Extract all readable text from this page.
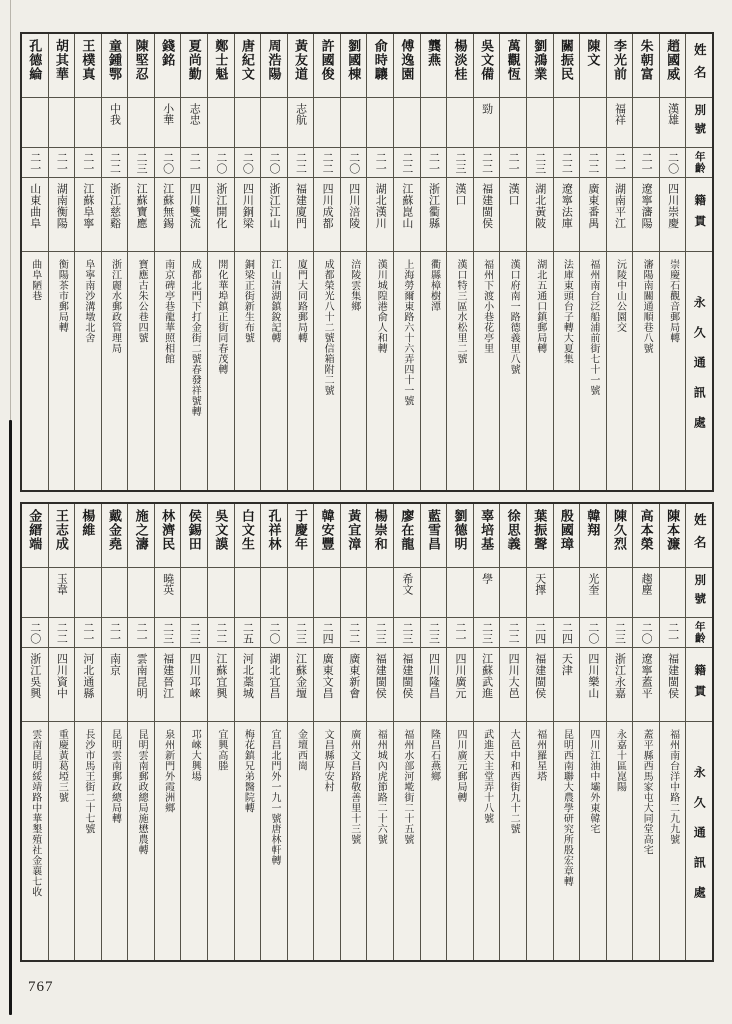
姓名
別號
年齡
籍貫
永久通訊處
趙國威
漢雄
二〇
四川崇慶
崇慶石觀音郵局轉
朱朝富
二一
遼寧瀋陽
瀋陽南關通順巷八號
李光前
福祥
二一
湖南平江
沅陵中山公園交
陳文
二二
廣東番禺
福州南台泛船浦前街七十一號
關振民
二二
遼寧法庫
法庫東頭台子轉大夏集
劉鴻業
二三
湖北黃陂
湖北五通口鎮郵局轉
萬觀恆
二一
漢口
漢口府南一路德義里八號
吳文備
勁
二二
福建閩侯
福州下渡小巷花亭里
楊淡桂
二三
漢口
漢口特三區水松里二號
龔燕
二一
浙江衢縣
衢縣樟樹潭
傅逸園
二二
江蘇崑山
上海勞爾東路六十六弄四十一號
俞時驤
二一
湖北漢川
漢川城隍港俞人和轉
劉國棟
二〇
四川涪陵
涪陵雲集鄉
許國俊
二二
四川成都
成都榮光八十二號信箱附二號
黃友道
志航
二二
福建廈門
廈門大同路郵局轉
周浩陽
二〇
浙江江山
江山清湖鎮銳記轉
唐紀文
二〇
四川銅梁
銅梁正街新生布號
鄭士魁
二〇
浙江開化
開化華埠鎮正街同春茂轉
夏尚勤
志忠
二一
四川雙流
成都北門下打金街二號春發祥號轉
錢銘
小華
二〇
江蘇無錫
南京碑亭巷龍華照相館
陳堅忍
二三
江蘇寶應
寶應古朱公巷四號
童鍾鄂
中我
二二
浙江慈谿
浙江麗水郵政管理局
王樸真
二一
江蘇阜寧
阜寧南沙溝墩北舍
胡其華
二一
湖南衡陽
衡陽茶市郵局轉
孔德綸
二一
山東曲阜
曲阜陋巷
姓名
別號
年齡
籍貫
永久通訊處
陳本濂
二一
福建閩侯
福州南台洋中路二九九號
高本榮
趨塵
二〇
遼寧蓋平
蓋平縣西馬家屯大同堂高宅
陳久烈
二三
浙江永嘉
永嘉十區崑陽
韓翔
光奎
二〇
四川樂山
四川江油中壩外東韓宅
殷國璋
二四
天津
昆明西南聯大農學研究所殷宏章轉
葉振聲
天擇
二四
福建閩侯
福州羅星塔
徐思義
二二
四川大邑
大邑中和西街九十二號
辜培基
學
二三
江蘇武進
武進天主堂弄十八號
劉德明
二一
四川廣元
四川廣元郵局轉
藍雪昌
二三
四川隆昌
隆昌石燕鄉
廖在龍
希文
二三
福建閩侯
福州水部河墘街二十五號
楊崇和
二三
福建閩侯
福州城內虎節路二十六號
黃宜漳
二二
廣東新會
廣州文昌路敬善里十三號
韓安豐
二四
廣東文昌
文昌縣厚安村
于慶年
二三
江蘇金壇
金壇西崗
孔祥林
二〇
湖北宜昌
宜昌北門外一九一號唐林軒轉
白文生
二五
河北藁城
梅花鎮兄弟醫院轉
吳文謨
二二
江蘇宜興
宜興高塍
侯錫田
二三
四川邛崍
邛崍大興場
林濟民
曉英
二三
福建晉江
泉州新門外霞洲鄉
施之濤
二一
雲南昆明
昆明雲南郵政總局施懋農轉
戴金堯
二一
南京
昆明雲南郵政總局轉
楊維
二一
河北通縣
長沙市馬王街二十七號
王志成
玉韋
二二
四川資中
重慶黃葛埡三號
金縉端
二〇
浙江吳興
雲南昆明綏靖路中華墾殖社金襄七收
767
